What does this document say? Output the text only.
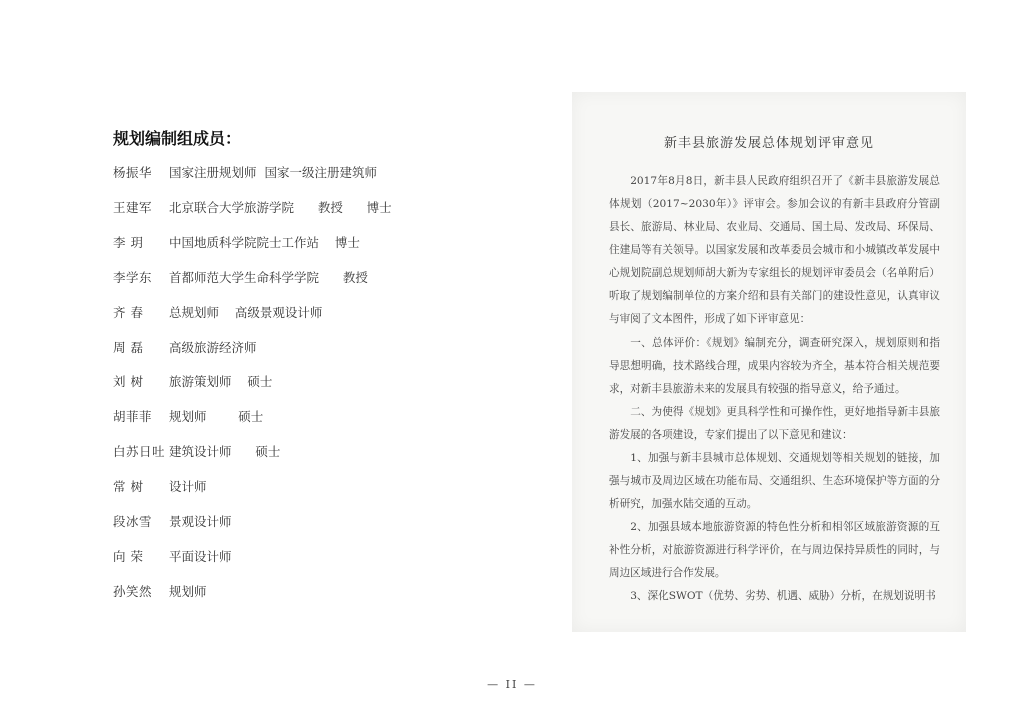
规划编制组成员：
杨振华	国家注册规划师  国家一级注册建筑师
王建军	北京联合大学旅游学院      教授      博士
李 玥	中国地质科学院院士工作站    博士
李学东	首都师范大学生命科学学院      教授
齐 春	总规划师    高级景观设计师
周 磊	高级旅游经济师
刘 树	旅游策划师    硕士
胡菲菲	规划师        硕士
白苏日吐 建筑设计师      硕士
常 树	设计师
段冰雪	景观设计师
向 荣	平面设计师
孙笑然	规划师
新丰县旅游发展总体规划评审意见

2017年8月8日，新丰县人民政府组织召开了《新丰县旅游发展总体规划（2017~2030年）》评审会。参加会议的有新丰县政府分管副县长、旅游局、林业局、农业局、交通局、国土局、发改局、环保局、住建局等有关领导。以国家发展和改革委员会城市和小城镇改革发展中心规划院副总规划师胡大新为专家组长的规划评审委员会（名单附后）听取了规划编制单位的方案介绍和县有关部门的建设性意见，认真审议与审阅了文本图件，形成了如下评审意见：

一、总体评价：《规划》编制充分，调查研究深入，规划原则和指导思想明确，技术路线合理，成果内容较为齐全，基本符合相关规范要求，对新丰县旅游未来的发展具有较强的指导意义，给予通过。

二、为使得《规划》更具科学性和可操作性，更好地指导新丰县旅游发展的各项建设，专家们提出了以下意见和建议：

1、加强与新丰县城市总体规划、交通规划等相关规划的链接，加强与城市及周边区域在功能布局、交通组织、生态环境保护等方面的分析研究，加强水陆交通的互动。

2、加强县域本地旅游资源的特色性分析和相邻区域旅游资源的互补性分析，对旅游资源进行科学评价，在与周边保持异质性的同时，与周边区域进行合作发展。

3、深化SWOT（优势、劣势、机遇、威胁）分析，在规划说明书

— II —
